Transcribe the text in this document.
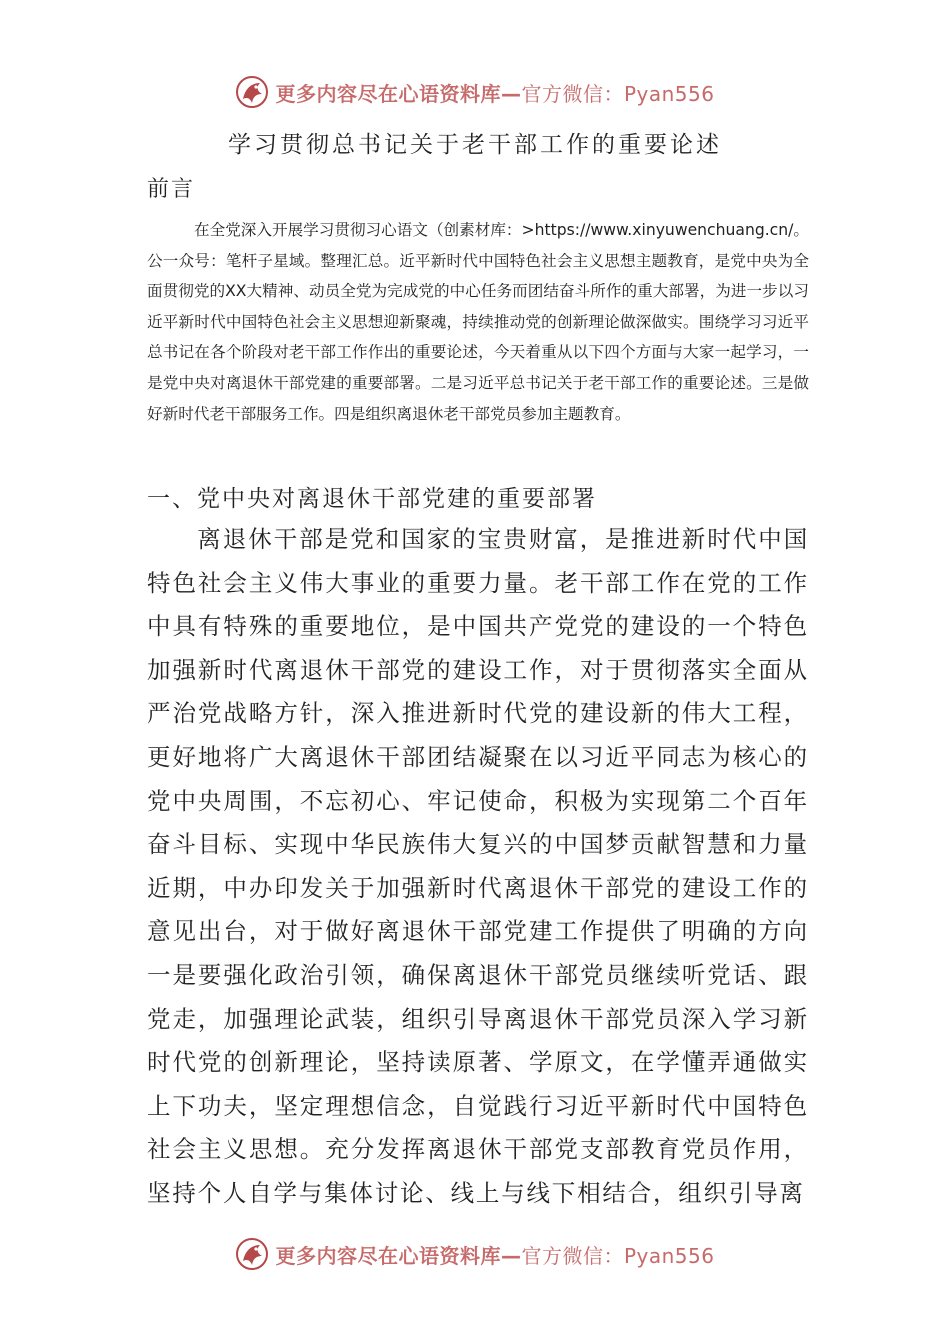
更多内容尽在心语资料库— 官方微信：Pyan556
学习贯彻总书记关于老干部工作的重要论述
前言
在全党深入开展学习贯彻习心语文（创素材库：>https://www.xinyuwenchuang.cn/。公一众号：笔杆子星域。整理汇总。近平新时代中国特色社会主义思想主题教育，是党中央为全面贯彻党的XX大精神、动员全党为完成党的中心任务而团结奋斗所作的重大部署，为进一步以习近平新时代中国特色社会主义思想迎新聚魂，持续推动党的创新理论做深做实。围绕学习习近平总书记在各个阶段对老干部工作作出的重要论述，今天着重从以下四个方面与大家一起学习，一是党中央对离退休干部党建的重要部署。二是习近平总书记关于老干部工作的重要论述。三是做好新时代老干部服务工作。四是组织离退休老干部党员参加主题教育。
一、党中央对离退休干部党建的重要部署
离退休干部是党和国家的宝贵财富，是推进新时代中国特色社会主义伟大事业的重要力量。老干部工作在党的工作中具有特殊的重要地位，是中国共产党党的建设的一个特色加强新时代离退休干部党的建设工作，对于贯彻落实全面从严治党战略方针，深入推进新时代党的建设新的伟大工程，更好地将广大离退休干部团结凝聚在以习近平同志为核心的党中央周围，不忘初心、牢记使命，积极为实现第二个百年奋斗目标、实现中华民族伟大复兴的中国梦贡献智慧和力量近期，中办印发关于加强新时代离退休干部党的建设工作的意见出台，对于做好离退休干部党建工作提供了明确的方向一是要强化政治引领，确保离退休干部党员继续听党话、跟党走，加强理论武装，组织引导离退休干部党员深入学习新时代党的创新理论，坚持读原著、学原文，在学懂弄通做实上下功夫，坚定理想信念，自觉践行习近平新时代中国特色社会主义思想。充分发挥离退休干部党支部教育党员作用，坚持个人自学与集体讨论、线上与线下相结合，组织引导离
更多内容尽在心语资料库— 官方微信：Pyan556
